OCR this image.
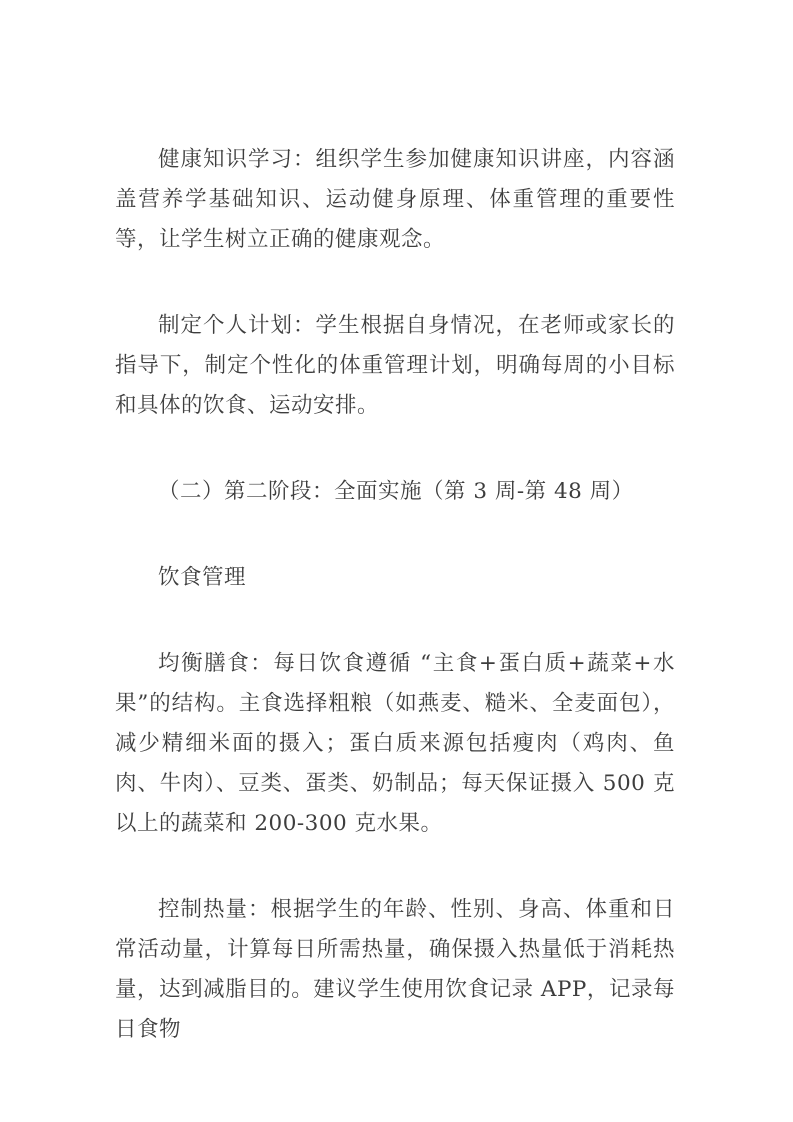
健康知识学习：组织学生参加健康知识讲座，内容涵盖营养学基础知识、运动健身原理、体重管理的重要性等，让学生树立正确的健康观念。

制定个人计划：学生根据自身情况，在老师或家长的指导下，制定个性化的体重管理计划，明确每周的小目标和具体的饮食、运动安排。

（二）第二阶段：全面实施（第 3 周-第 48 周）

饮食管理

均衡膳食：每日饮食遵循 “主食+蛋白质+蔬菜+水果”的结构。主食选择粗粮（如燕麦、糙米、全麦面包），减少精细米面的摄入；蛋白质来源包括瘦肉（鸡肉、鱼肉、牛肉）、豆类、蛋类、奶制品；每天保证摄入 500 克以上的蔬菜和 200-300 克水果。

控制热量：根据学生的年龄、性别、身高、体重和日常活动量，计算每日所需热量，确保摄入热量低于消耗热量，达到减脂目的。建议学生使用饮食记录 APP，记录每日食物
